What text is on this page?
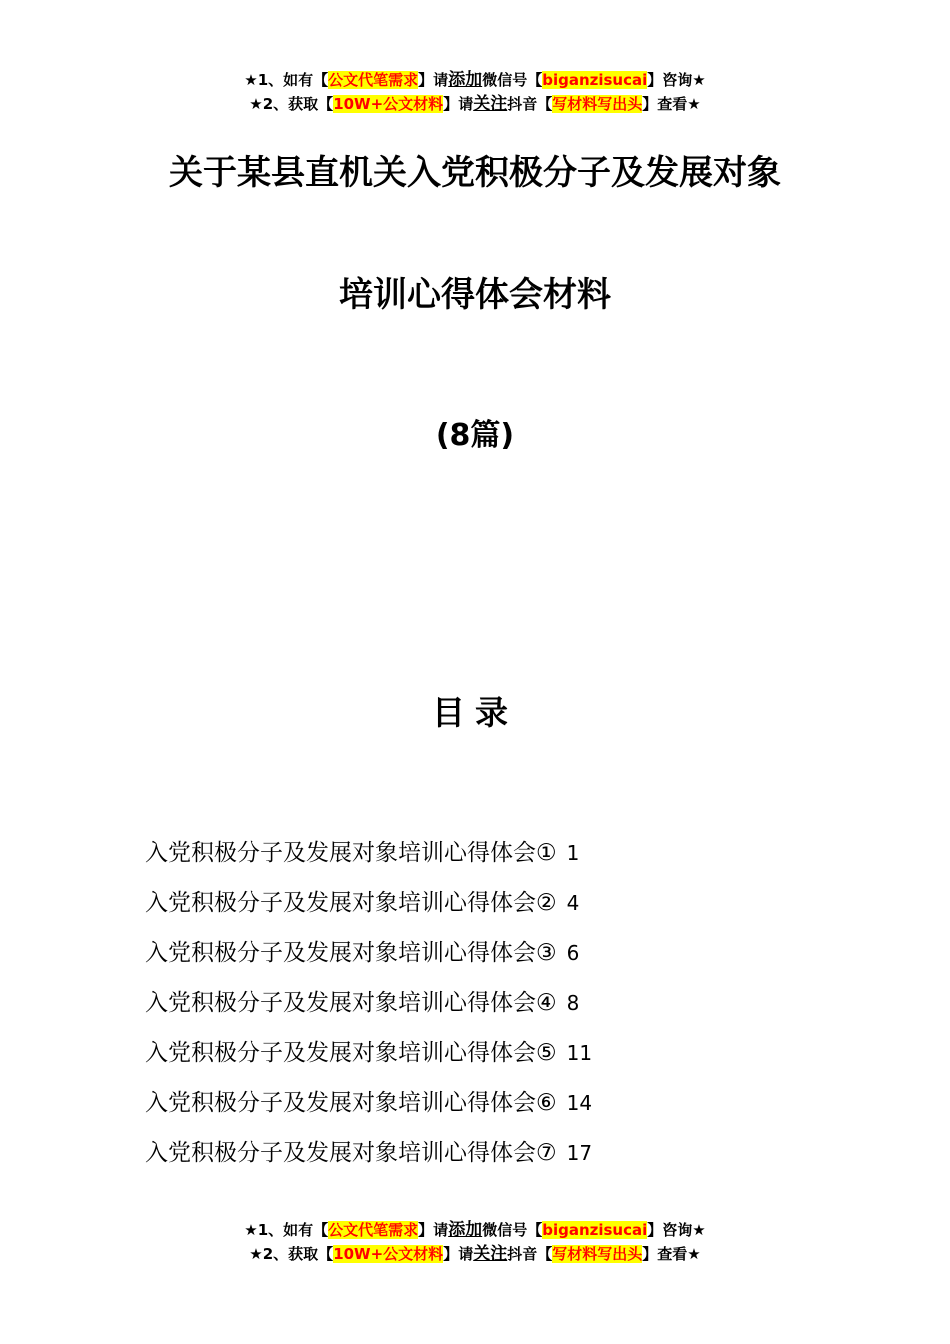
★1、如有【公文代笔需求】请添加微信号【biganzisucai】咨询★
★2、获取【10W+公文材料】请关注抖音【写材料写出头】查看★
关于某县直机关入党积极分子及发展对象
培训心得体会材料
(8篇)
目录
入党积极分子及发展对象培训心得体会① 1
入党积极分子及发展对象培训心得体会② 4
入党积极分子及发展对象培训心得体会③ 6
入党积极分子及发展对象培训心得体会④ 8
入党积极分子及发展对象培训心得体会⑤ 11
入党积极分子及发展对象培训心得体会⑥ 14
入党积极分子及发展对象培训心得体会⑦ 17
★1、如有【公文代笔需求】请添加微信号【biganzisucai】咨询★
★2、获取【10W+公文材料】请关注抖音【写材料写出头】查看★
